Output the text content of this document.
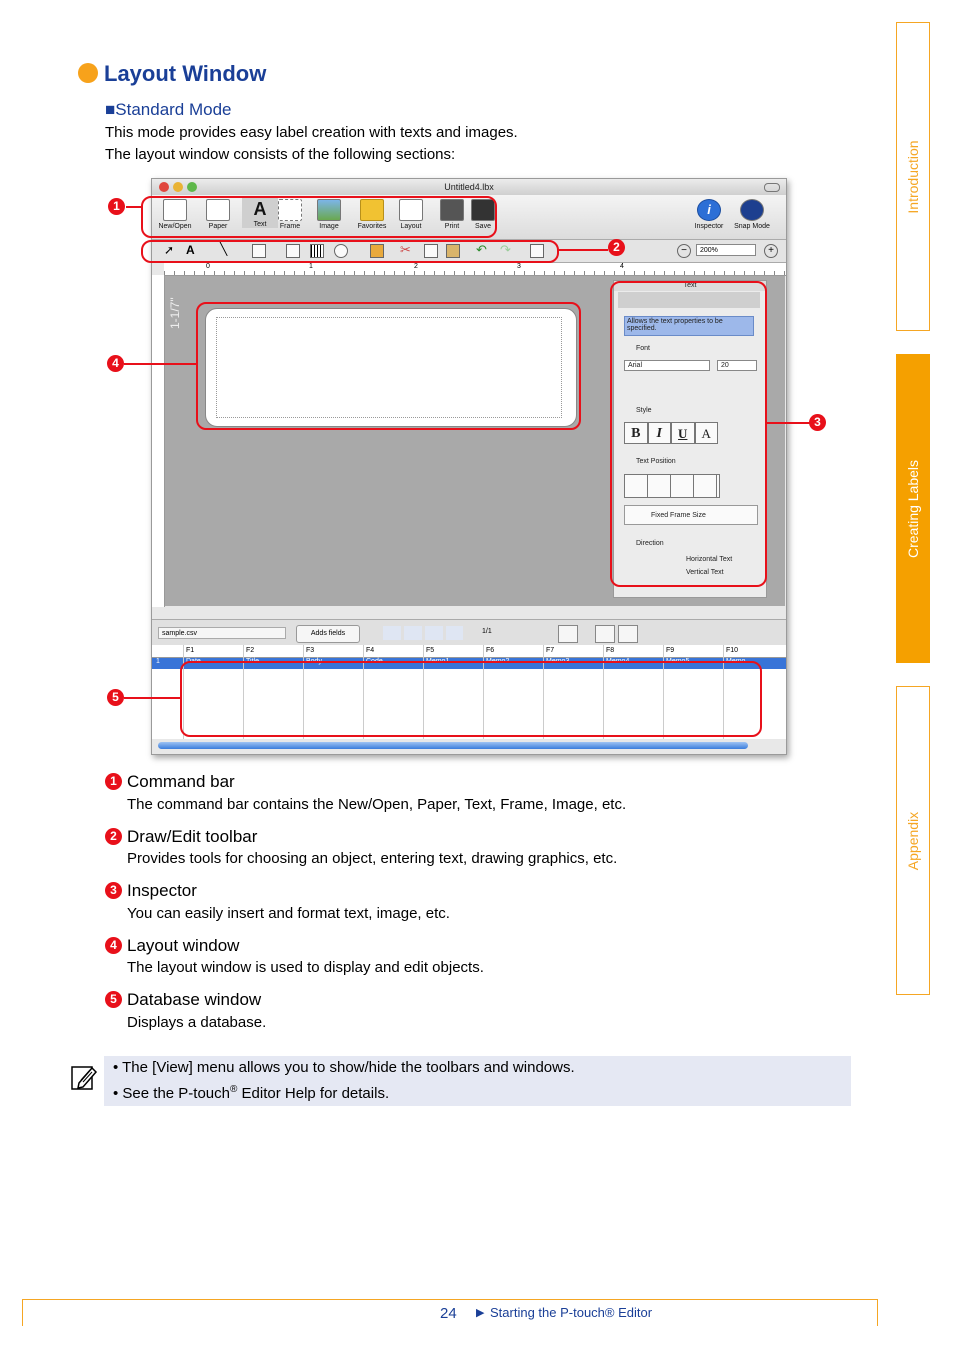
Layout Window
■Standard Mode
This mode provides easy label creation with texts and images.
The layout window consists of the following sections:	Introduction
Creating Labels
Appendix
Untitled4.lbx
New/Open	Paper
A
Text	Frame	Image	Favorites	Layout	Print	Save
i
Inspector	Snap Mode
➚ A ╲	✂	↶ ↷	−	200%	+
0	1	2	3	4
1-1/7"
Text
Allows the text properties to be specified.
Font
Arial	20
Style
B	I	U	A
Text Position
Fixed Frame Size
Direction
Horizontal Text
Vertical Text
sample.csv	Adds fields	1/1
F1	F2	F3	F4	F5	F6	F7	F8	F9	F10
1	Date	Title	Body	Code	Memo1	Memo2	Memo3	Memo4	Memo5	Memo
1
2
3
4
5
1 Command bar
The command bar contains the New/Open, Paper, Text, Frame, Image, etc.
2 Draw/Edit toolbar
Provides tools for choosing an object, entering text, drawing graphics, etc.
3 Inspector
You can easily insert and format text, image, etc.
4 Layout window
The layout window is used to display and edit objects.
5 Database window
Displays a database.
• The [View] menu allows you to show/hide the toolbars and windows.
• See the P-touch® Editor Help for details.
24 ▶ Starting the P-touch® Editor
